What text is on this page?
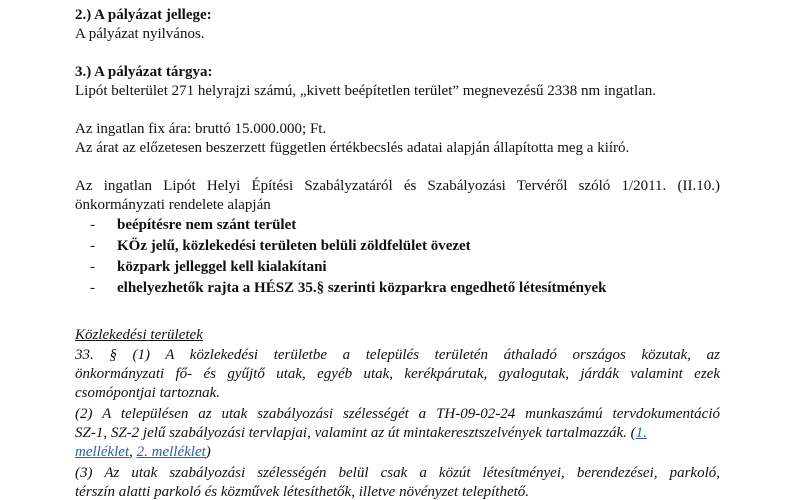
2.) A pályázat jellege:
A pályázat nyilvános.
3.) A pályázat tárgya:
Lipót belterület 271 helyrajzi számú, „kivett beépítetlen terület” megnevezésű 2338 nm ingatlan.
Az ingatlan fix ára: bruttó 15.000.000; Ft.
Az árat az előzetesen beszerzett független értékbecslés adatai alapján állapította meg a kiíró.
Az ingatlan Lipót Helyi Építési Szabályzatáról és Szabályozási Tervéről szóló 1/2011. (II.10.)
önkormányzati rendelete alapján
- beépítésre nem szánt terület
- KÖz jelű, közlekedési területen belüli zöldfelület övezet
- közpark jelleggel kell kialakítani
- elhelyezhetők rajta a HÉSZ 35.§ szerinti közparkra engedhető létesítmények
Közlekedési területek
33. § (1) A közlekedési területbe a település területén áthaladó országos közutak, az
önkormányzati fő- és gyűjtő utak, egyéb utak, kerékpárutak, gyalogutak, járdák valamint ezek
csomópontjai tartoznak.
(2) A településen az utak szabályozási szélességét a TH-09-02-24 munkaszámú tervdokumentáció
SZ-1, SZ-2 jelű szabályozási tervlapjai, valamint az út mintakeresztszelvények tartalmazzák. (1.
melléklet, 2. melléklet)
(3) Az utak szabályozási szélességén belül csak a közút létesítményei, berendezései, parkoló,
térszín alatti parkoló és közművek létesíthetők, illetve növényzet telepíthető.
